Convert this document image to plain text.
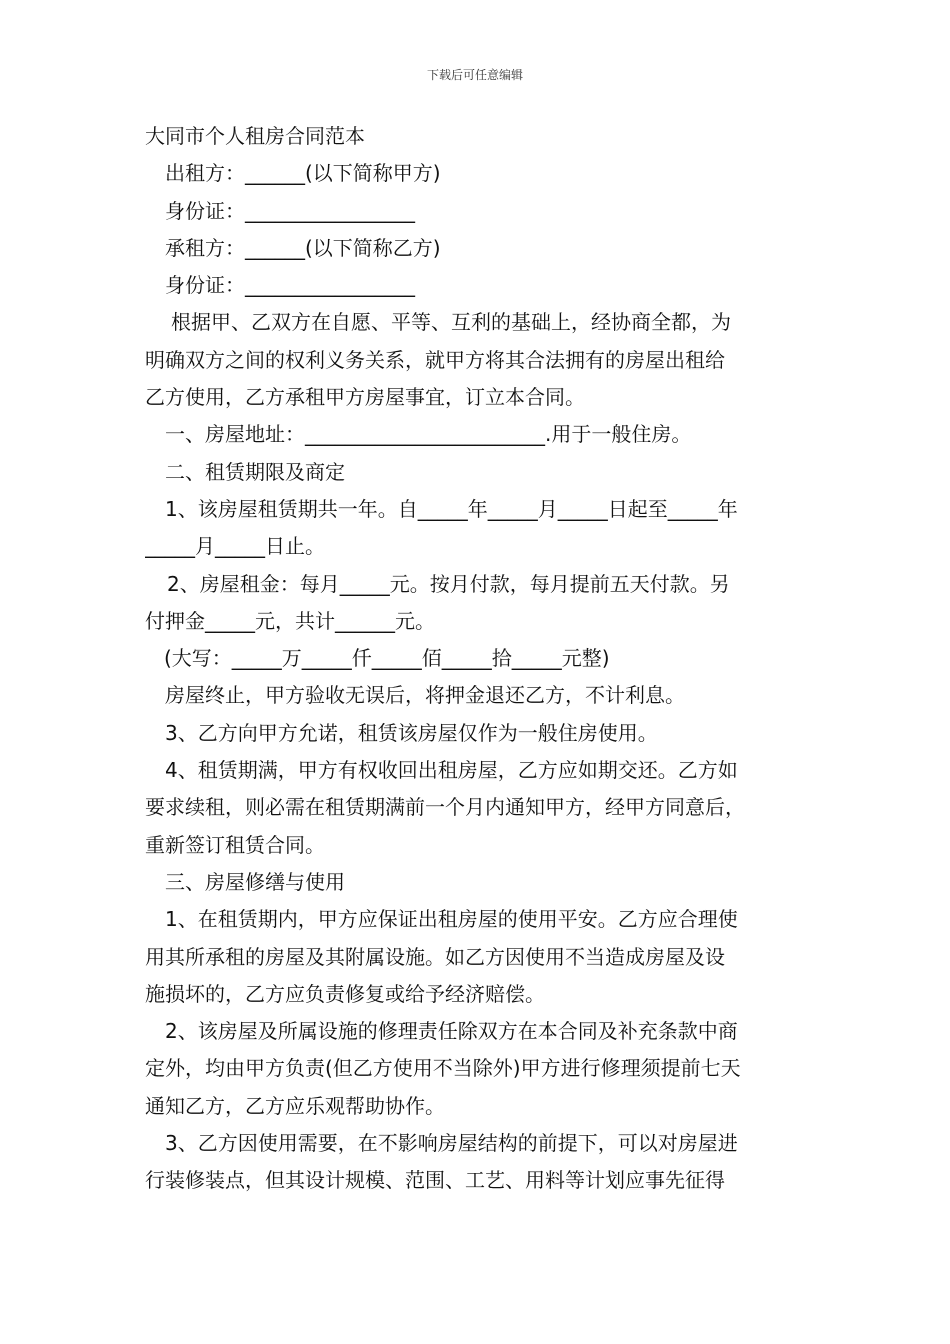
下载后可任意编辑
大同市个人租房合同范本
出租方：______(以下简称甲方)
身份证：_________________
承租方：______(以下简称乙方)
身份证：_________________
根据甲、乙双方在自愿、平等、互利的基础上，经协商全都，为
明确双方之间的权利义务关系，就甲方将其合法拥有的房屋出租给
乙方使用，乙方承租甲方房屋事宜，订立本合同。
一、房屋地址：________________________.用于一般住房。
二、租赁期限及商定
1、该房屋租赁期共一年。自_____年_____月_____日起至_____年
_____月_____日止。
2、房屋租金：每月_____元。按月付款，每月提前五天付款。另
付押金_____元，共计______元。
(大写：_____万_____仟_____佰_____拾_____元整)
房屋终止，甲方验收无误后，将押金退还乙方，不计利息。
3、乙方向甲方允诺，租赁该房屋仅作为一般住房使用。
4、租赁期满，甲方有权收回出租房屋，乙方应如期交还。乙方如
要求续租，则必需在租赁期满前一个月内通知甲方，经甲方同意后，
重新签订租赁合同。
三、房屋修缮与使用
1、在租赁期内，甲方应保证出租房屋的使用平安。乙方应合理使
用其所承租的房屋及其附属设施。如乙方因使用不当造成房屋及设
施损坏的，乙方应负责修复或给予经济赔偿。
2、该房屋及所属设施的修理责任除双方在本合同及补充条款中商
定外，均由甲方负责(但乙方使用不当除外)甲方进行修理须提前七天
通知乙方，乙方应乐观帮助协作。
3、乙方因使用需要，在不影响房屋结构的前提下，可以对房屋进
行装修装点，但其设计规模、范围、工艺、用料等计划应事先征得
